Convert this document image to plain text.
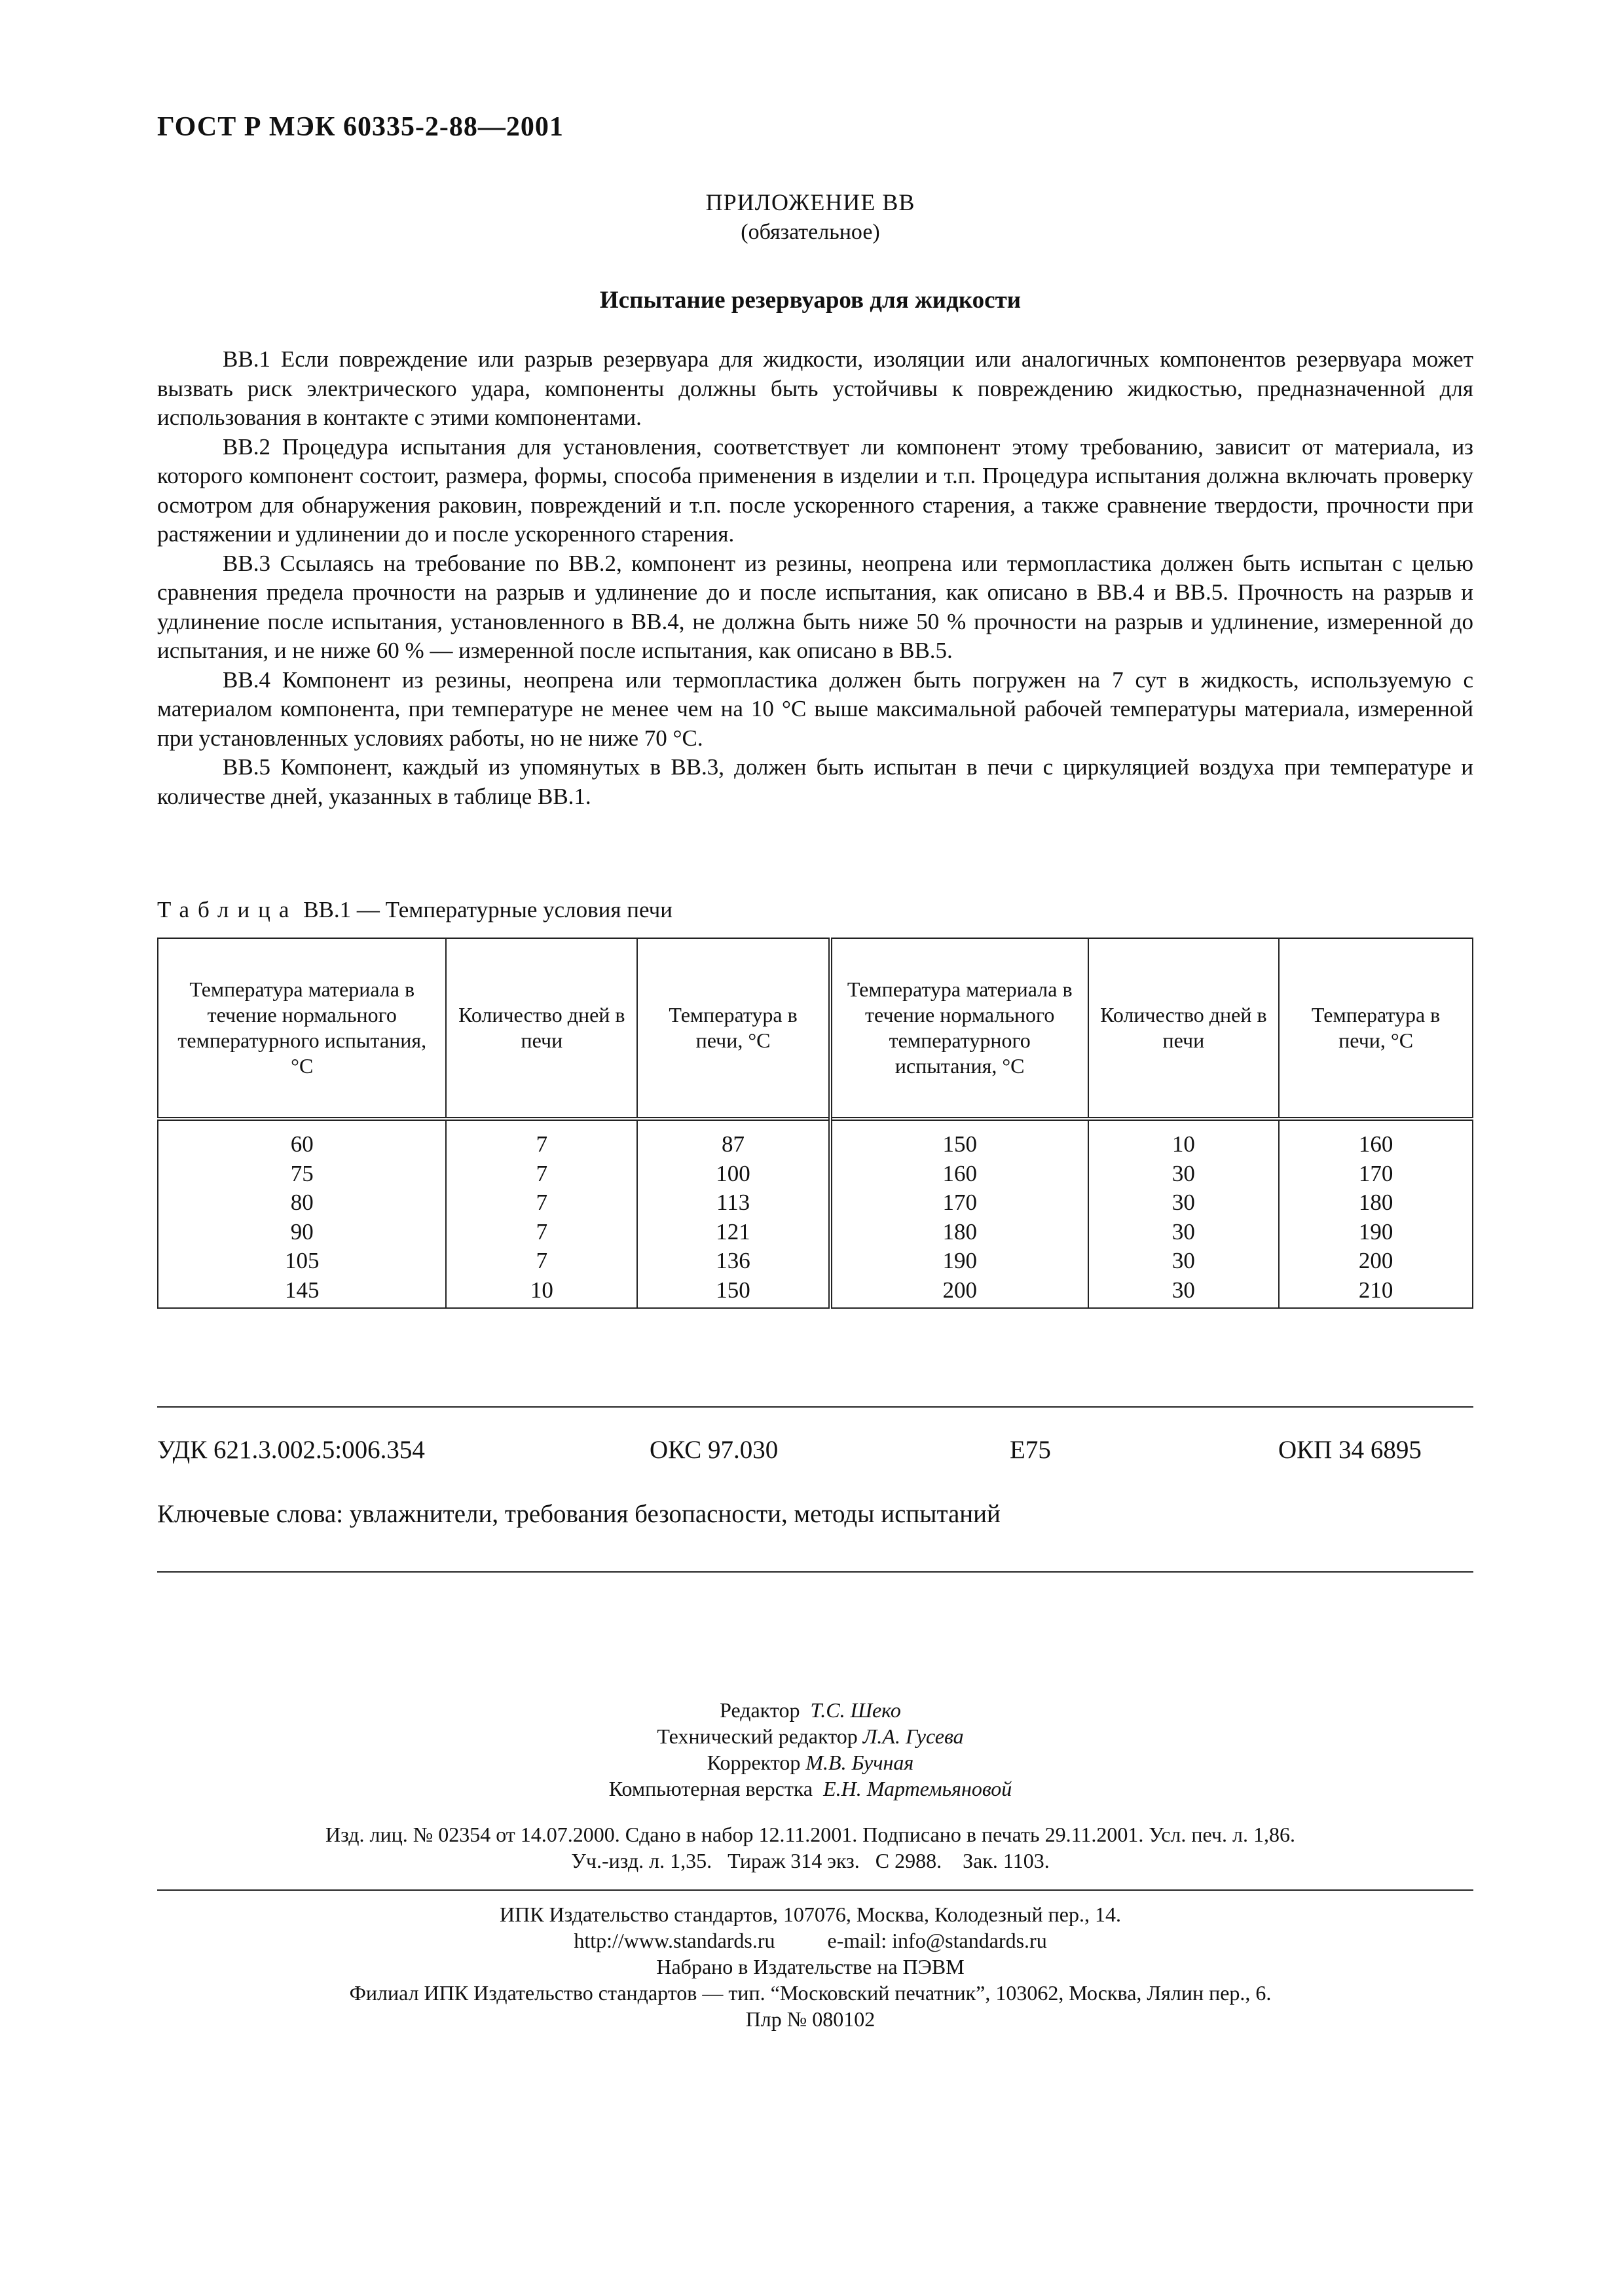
ГОСТ Р МЭК 60335-2-88—2001
ПРИЛОЖЕНИЕ ВВ
(обязательное)
Испытание резервуаров для жидкости

ВВ.1 Если повреждение или разрыв резервуара для жидкости, изоляции или аналогичных компонентов резервуара может вызвать риск электрического удара, компоненты должны быть устойчивы к повреждению жидкостью, предназначенной для использования в контакте с этими компонентами.

ВВ.2 Процедура испытания для установления, соответствует ли компонент этому требованию, зависит от материала, из которого компонент состоит, размера, формы, способа применения в изделии и т.п. Процедура испытания должна включать проверку осмотром для обнаружения раковин, повреждений и т.п. после ускоренного старения, а также сравнение твердости, прочности при растяжении и удлинении до и после ускоренного старения.

ВВ.3 Ссылаясь на требование по ВВ.2, компонент из резины, неопрена или термопластика должен быть испытан с целью сравнения предела прочности на разрыв и удлинение до и после испытания, как описано в ВВ.4 и ВВ.5. Прочность на разрыв и удлинение после испытания, установленного в ВВ.4, не должна быть ниже 50 % прочности на разрыв и удлинение, измеренной до испытания, и не ниже 60 % — измеренной после испытания, как описано в ВВ.5.

ВВ.4 Компонент из резины, неопрена или термопластика должен быть погружен на 7 сут в жидкость, используемую с материалом компонента, при температуре не менее чем на 10 °С выше максимальной рабочей температуры материала, измеренной при установленных условиях работы, но не ниже 70 °С.

ВВ.5 Компонент, каждый из упомянутых в ВВ.3, должен быть испытан в печи с циркуляцией воздуха при температуре и количестве дней, указанных в таблице ВВ.1.

Таблица ВВ.1 — Температурные условия печи
Температура материала в течение нормального температурного испытания, °С	Количество дней в печи	Температура в печи, °С	Температура материала в течение нормального температурного испытания, °С	Количество дней в печи	Температура в печи, °С
60	7	87	150	10	160
75	7	100	160	30	170
80	7	113	170	30	180
90	7	121	180	30	190
105	7	136	190	30	200
145	10	150	200	30	210
УДК 621.3.002.5:006.354	ОКС 97.030	Е75	ОКП 34 6895
Ключевые слова: увлажнители, требования безопасности, методы испытаний
Редактор Т.С. Шеко
Технический редактор Л.А. Гусева
Корректор М.В. Бучная
Компьютерная верстка Е.Н. Мартемьяновой
Изд. лиц. № 02354 от 14.07.2000. Сдано в набор 12.11.2001. Подписано в печать 29.11.2001. Усл. печ. л. 1,86.
Уч.-изд. л. 1,35.   Тираж 314 экз.   С 2988.    Зак. 1103.
ИПК Издательство стандартов, 107076, Москва, Колодезный пер., 14.
http://www.standards.ru	e-mail: info@standards.ru
Набрано в Издательстве на ПЭВМ
Филиал ИПК Издательство стандартов — тип. “Московский печатник”, 103062, Москва, Лялин пер., 6.
Плр № 080102
